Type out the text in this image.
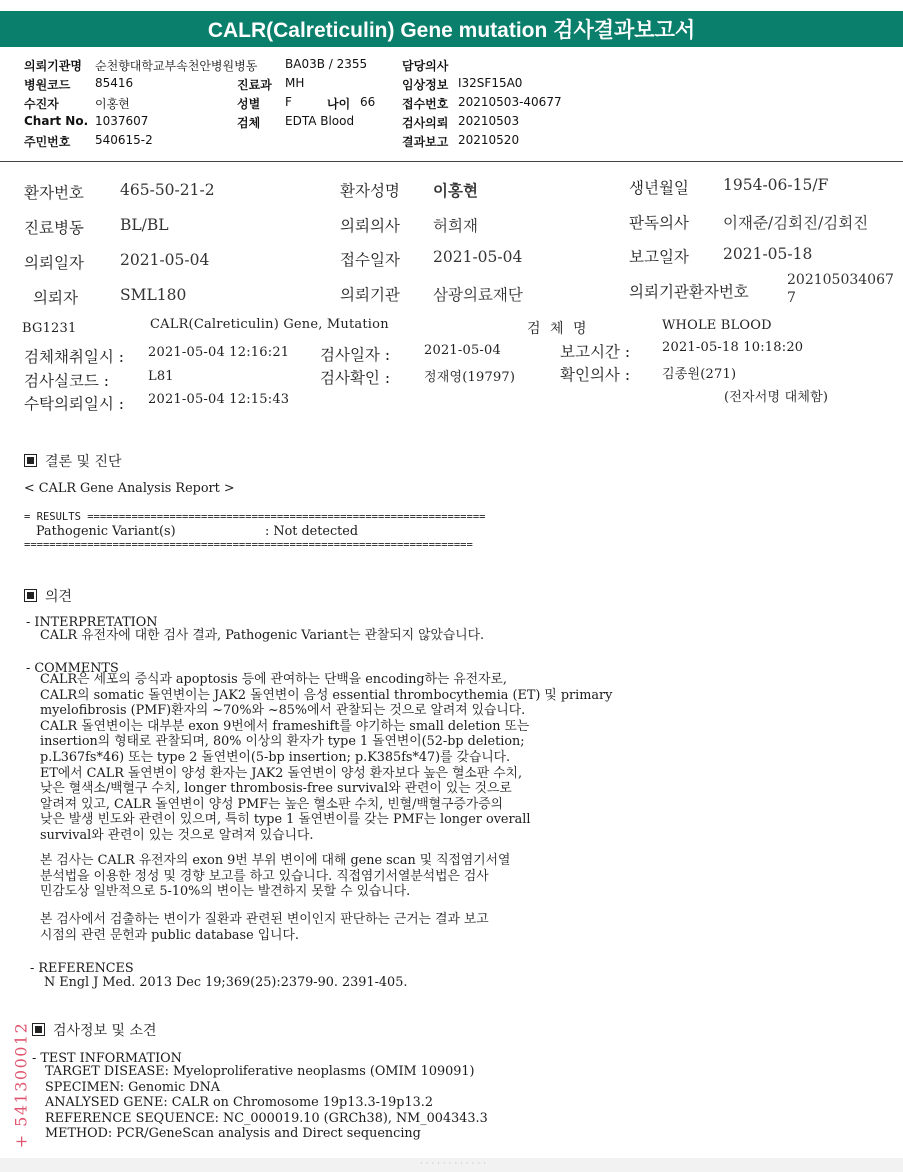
CALR(Calreticulin) Gene mutation 검사결과보고서
의뢰기관명 순천향대학교부속천안병원병동 BA03B / 2355	담당의사
병원코드 85416	진료과 MH	임상정보 I32SF15A0
수진자	이홍현	성별 F	나이 66 접수번호 20210503-40677
Chart No. 1037607	검체 EDTA Blood	검사의뢰 20210503
주민번호 540615-2	결과보고 20210520
환자번호 465-50-21-2	환자성명 이홍현	생년월일 1954-06-15/F
진료병동 BL/BL	의뢰의사 허희재	판독의사 이재준/김회진/김회진
의뢰일자 2021-05-04	접수일자 2021-05-04	보고일자 2021-05-18
의뢰자	SML180	의뢰기관 삼광의료재단	의뢰기관환자번호
202105034067
7
BG1231	CALR(Calreticulin) Gene, Mutation	검  체  명	WHOLE BLOOD
검체채취일시 : 2021-05-04 12:16:21 검사일자 :	2021-05-04	보고시간 : 2021-05-18 10:18:20
검사실코드 :	L81	검사확인 :	정재영(19797)	확인의사 : 김종원(271)
수탁의뢰일시 : 2021-05-04 12:15:43	(전자서명 대체함)
결론 및 진단
< CALR Gene Analysis Report >
= RESULTS ===============================================================
Pathogenic Variant(s)	: Not detected
=======================================================================
의견
- INTERPRETATION
CALR 유전자에 대한 검사 결과, Pathogenic Variant는 관찰되지 않았습니다.
- COMMENTS
CALR은 세포의 증식과 apoptosis 등에 관여하는 단백을 encoding하는 유전자로,
CALR의 somatic 돌연변이는 JAK2 돌연변이 음성 essential thrombocythemia (ET) 및 primary
myelofibrosis (PMF)환자의 ~70%와 ~85%에서 관찰되는 것으로 알려져 있습니다.
CALR 돌연변이는 대부분 exon 9번에서 frameshift를 야기하는 small deletion 또는
insertion의 형태로 관찰되며, 80% 이상의 환자가 type 1 돌연변이(52-bp deletion;
p.L367fs*46) 또는 type 2 돌연변이(5-bp insertion; p.K385fs*47)를 갖습니다.
ET에서 CALR 돌연변이 양성 환자는 JAK2 돌연변이 양성 환자보다 높은 혈소판 수치,
낮은 혈색소/백혈구 수치, longer thrombosis-free survival와 관련이 있는 것으로
알려져 있고, CALR 돌연변이 양성 PMF는 높은 혈소판 수치, 빈혈/백혈구증가증의
낮은 발생 빈도와 관련이 있으며, 특히 type 1 돌연변이를 갖는 PMF는 longer overall
survival와 관련이 있는 것으로 알려져 있습니다.
본 검사는 CALR 유전자의 exon 9번 부위 변이에 대해 gene scan 및 직접염기서열
분석법을 이용한 정성 및 경향 보고를 하고 있습니다. 직접염기서열분석법은 검사
민감도상 일반적으로 5-10%의 변이는 발견하지 못할 수 있습니다.
본 검사에서 검출하는 변이가 질환과 관련된 변이인지 판단하는 근거는 결과 보고
시점의 관련 문헌과 public database 입니다.
- REFERENCES
N Engl J Med. 2013 Dec 19;369(25):2379-90. 2391-405.
검사정보 및 소견
- TEST INFORMATION
TARGET DISEASE: Myeloproliferative neoplasms (OMIM 109091)
SPECIMEN: Genomic DNA
ANALYSED GENE: CALR on Chromosome 19p13.3-19p13.2
REFERENCE SEQUENCE: NC_000019.10 (GRCh38), NM_004343.3
METHOD: PCR/GeneScan analysis and Direct sequencing
+ 541300012
· · · · · · · · · · · ·
